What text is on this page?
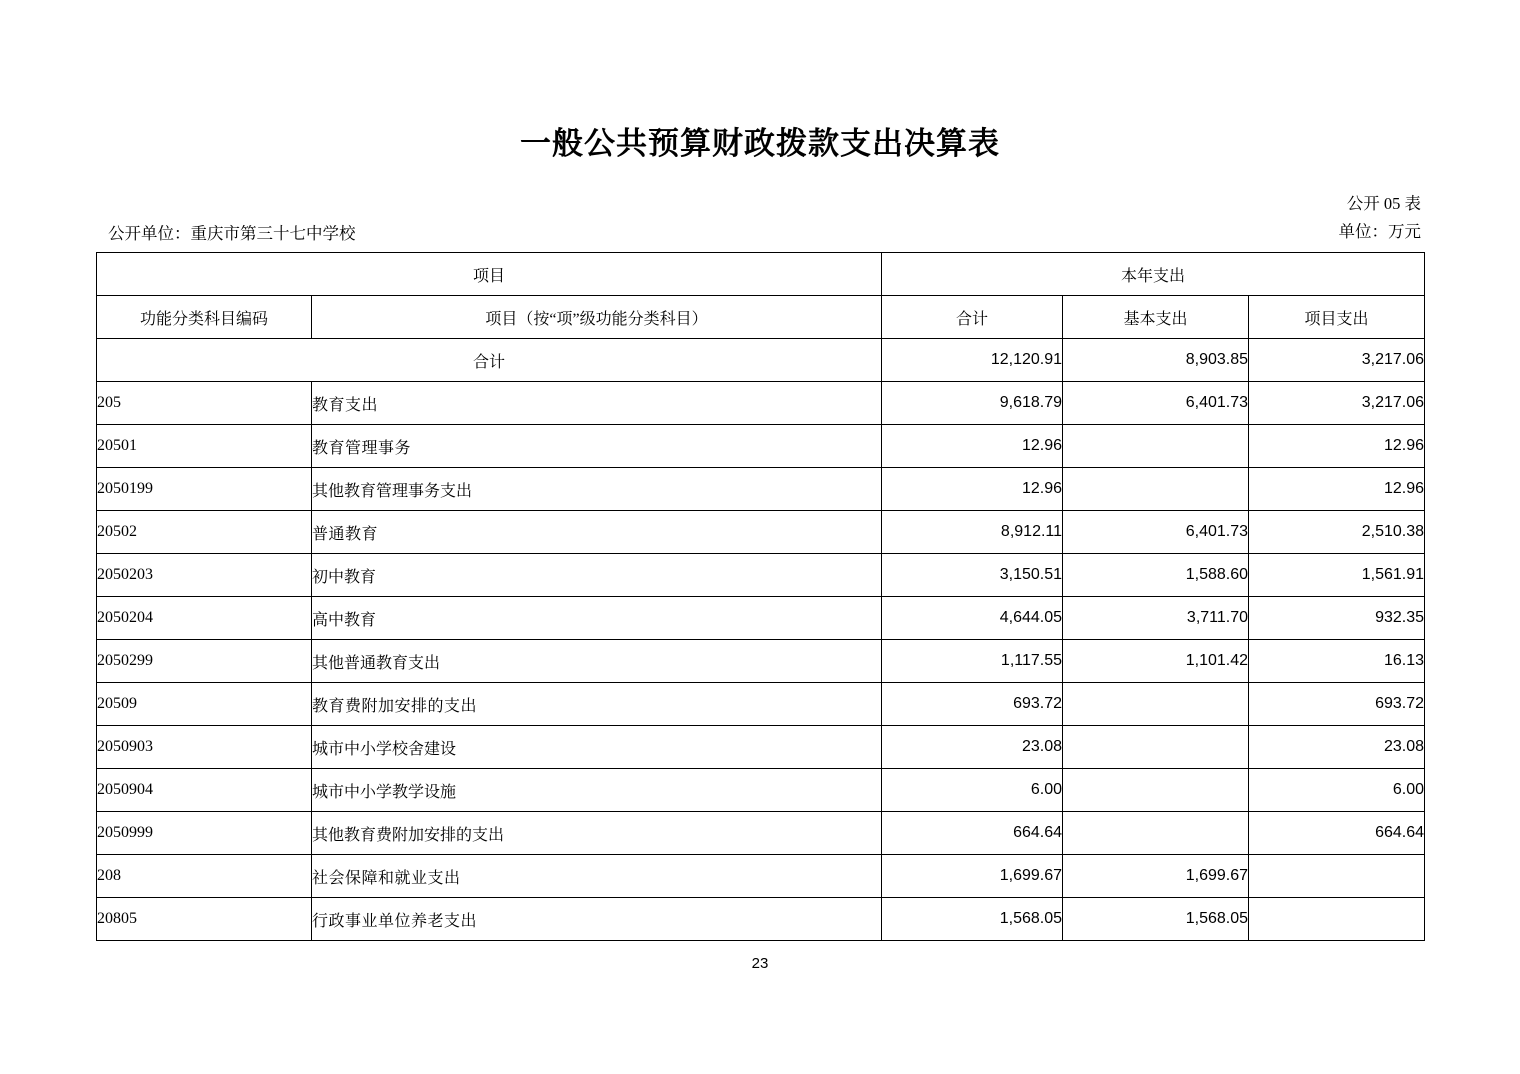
一般公共预算财政拨款支出决算表
公开 05 表
单位：万元
公开单位：重庆市第三十七中学校
项目		本年支出		
功能分类科目编码	项目（按“项”级功能分类科目）	合计	基本支出	项目支出
合计		12,120.91	8,903.85	3,217.06
205	教育支出	9,618.79	6,401.73	3,217.06
20501	教育管理事务	12.96		12.96
2050199	其他教育管理事务支出	12.96		12.96
20502	普通教育	8,912.11	6,401.73	2,510.38
2050203	初中教育	3,150.51	1,588.60	1,561.91
2050204	高中教育	4,644.05	3,711.70	932.35
2050299	其他普通教育支出	1,117.55	1,101.42	16.13
20509	教育费附加安排的支出	693.72		693.72
2050903	城市中小学校舍建设	23.08		23.08
2050904	城市中小学教学设施	6.00		6.00
2050999	其他教育费附加安排的支出	664.64		664.64
208	社会保障和就业支出	1,699.67	1,699.67	
20805	行政事业单位养老支出	1,568.05	1,568.05	
23
